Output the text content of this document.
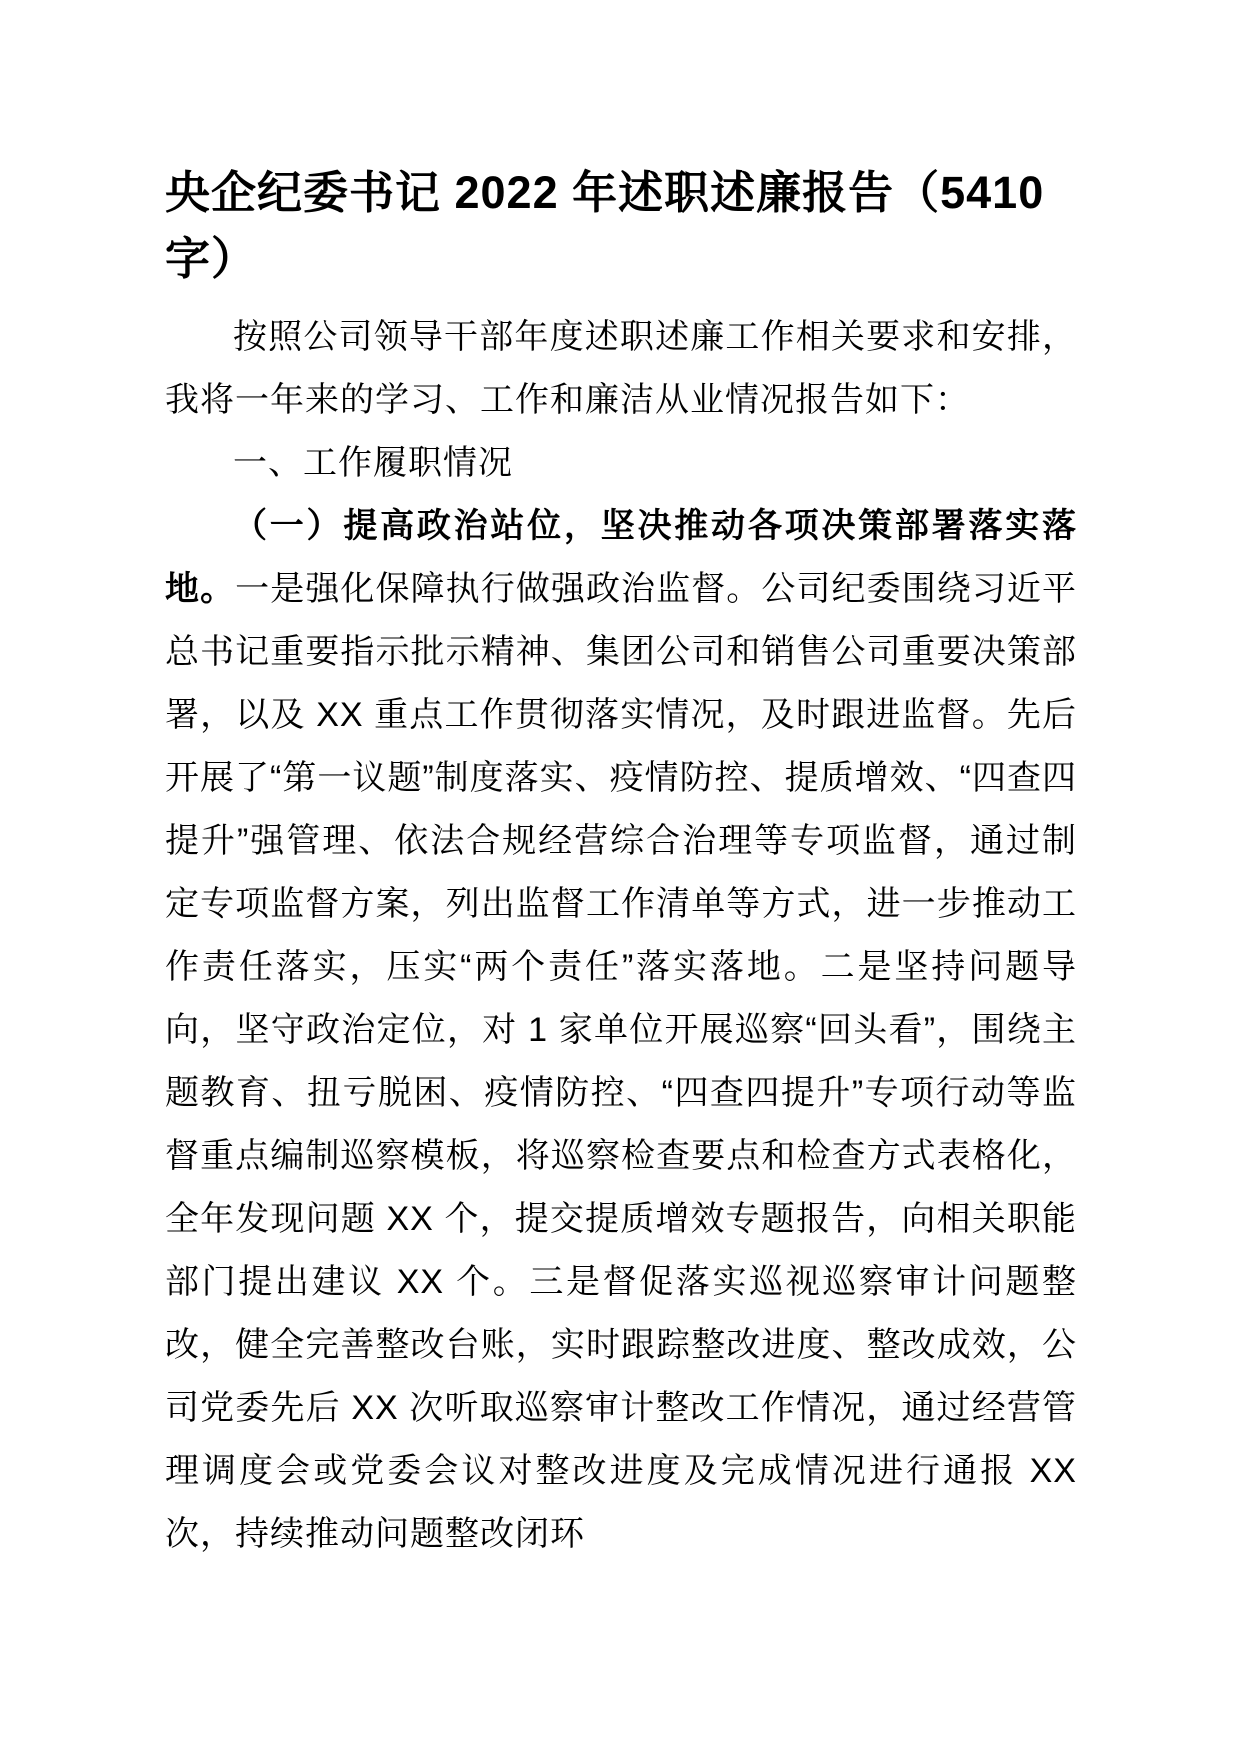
央企纪委书记 2022 年述职述廉报告（5410 字）

按照公司领导干部年度述职述廉工作相关要求和安排，我将一年来的学习、工作和廉洁从业情况报告如下：

一、工作履职情况

（一）提高政治站位，坚决推动各项决策部署落实落地。一是强化保障执行做强政治监督。公司纪委围绕习近平总书记重要指示批示精神、集团公司和销售公司重要决策部署，以及 XX 重点工作贯彻落实情况，及时跟进监督。先后开展了“第一议题”制度落实、疫情防控、提质增效、“四查四提升”强管理、依法合规经营综合治理等专项监督，通过制定专项监督方案，列出监督工作清单等方式，进一步推动工作责任落实，压实“两个责任”落实落地。二是坚持问题导向，坚守政治定位，对 1 家单位开展巡察“回头看”，围绕主题教育、扭亏脱困、疫情防控、“四查四提升”专项行动等监督重点编制巡察模板，将巡察检查要点和检查方式表格化，全年发现问题 XX 个，提交提质增效专题报告，向相关职能部门提出建议 XX 个。三是督促落实巡视巡察审计问题整改，健全完善整改台账，实时跟踪整改进度、整改成效，公司党委先后 XX 次听取巡察审计整改工作情况，通过经营管理调度会或党委会议对整改进度及完成情况进行通报 XX 次，持续推动问题整改闭环
